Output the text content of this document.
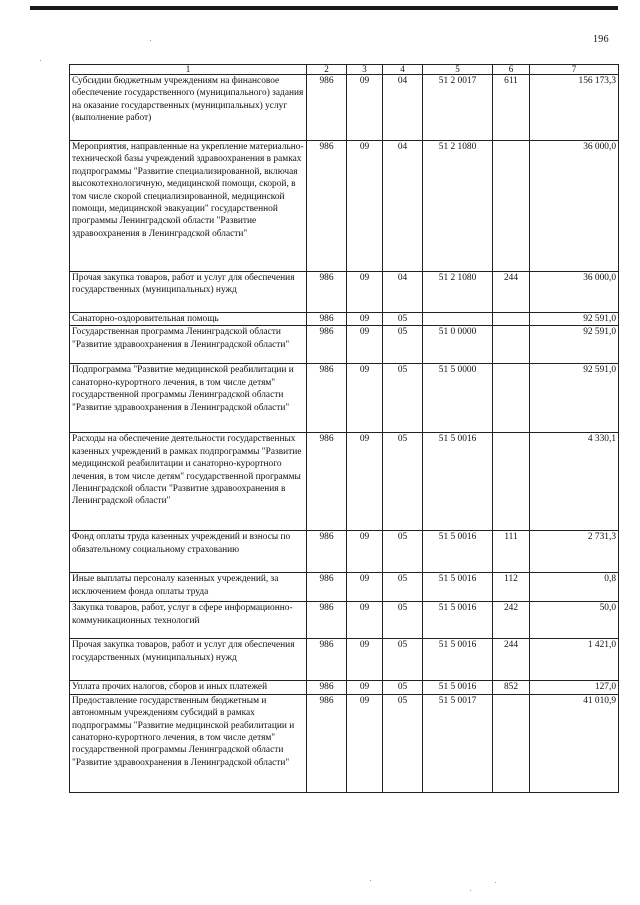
196
1	2	3	4	5	6	7
Субсидии бюджетным учреждениям на финансовое обеспечение государственного (муниципального) задания на оказание государственных (муниципальных) услуг (выполнение работ)	986	09	04	51 2 0017	611	156 173,3
Мероприятия, направленные на укрепление материально-технической базы учреждений здравоохранения в рамках подпрограммы "Развитие специализированной, включая высокотехнологичную, медицинской помощи, скорой, в том числе скорой специализированной, медицинской помощи, медицинской эвакуации" государственной программы Ленинградской области "Развитие здравоохранения в Ленинградской области"	986	09	04	51 2 1080		36 000,0
Прочая закупка товаров, работ и услуг для обеспечения государственных (муниципальных) нужд	986	09	04	51 2 1080	244	36 000,0
Санаторно-оздоровительная помощь	986	09	05			92 591,0
Государственная программа Ленинградской области "Развитие здравоохранения в Ленинградской области"	986	09	05	51 0 0000		92 591,0
Подпрограмма "Развитие медицинской реабилитации и санаторно-курортного лечения, в том числе детям" государственной программы Ленинградской области "Развитие здравоохранения в Ленинградской области"	986	09	05	51 5 0000		92 591,0
Расходы на обеспечение деятельности государственных казенных учреждений в рамках подпрограммы "Развитие медицинской реабилитации и санаторно-курортного лечения, в том числе детям" государственной программы Ленинградской области "Развитие здравоохранения в Ленинградской области"	986	09	05	51 5 0016		4 330,1
Фонд оплаты труда казенных учреждений и взносы по обязательному социальному страхованию	986	09	05	51 5 0016	111	2 731,3
Иные выплаты персоналу казенных учреждений, за исключением фонда оплаты труда	986	09	05	51 5 0016	112	0,8
Закупка товаров, работ, услуг в сфере информационно-коммуникационных технологий	986	09	05	51 5 0016	242	50,0
Прочая закупка товаров, работ и услуг для обеспечения государственных (муниципальных) нужд	986	09	05	51 5 0016	244	1 421,0
Уплата прочих налогов, сборов и иных платежей	986	09	05	51 5 0016	852	127,0
Предоставление государственным бюджетным и автономным учреждениям субсидий в рамках подпрограммы "Развитие медицинской реабилитации и санаторно-курортного лечения, в том числе детям" государственной программы Ленинградской области "Развитие здравоохранения в Ленинградской области"	986	09	05	51 5 0017		41 010,9
